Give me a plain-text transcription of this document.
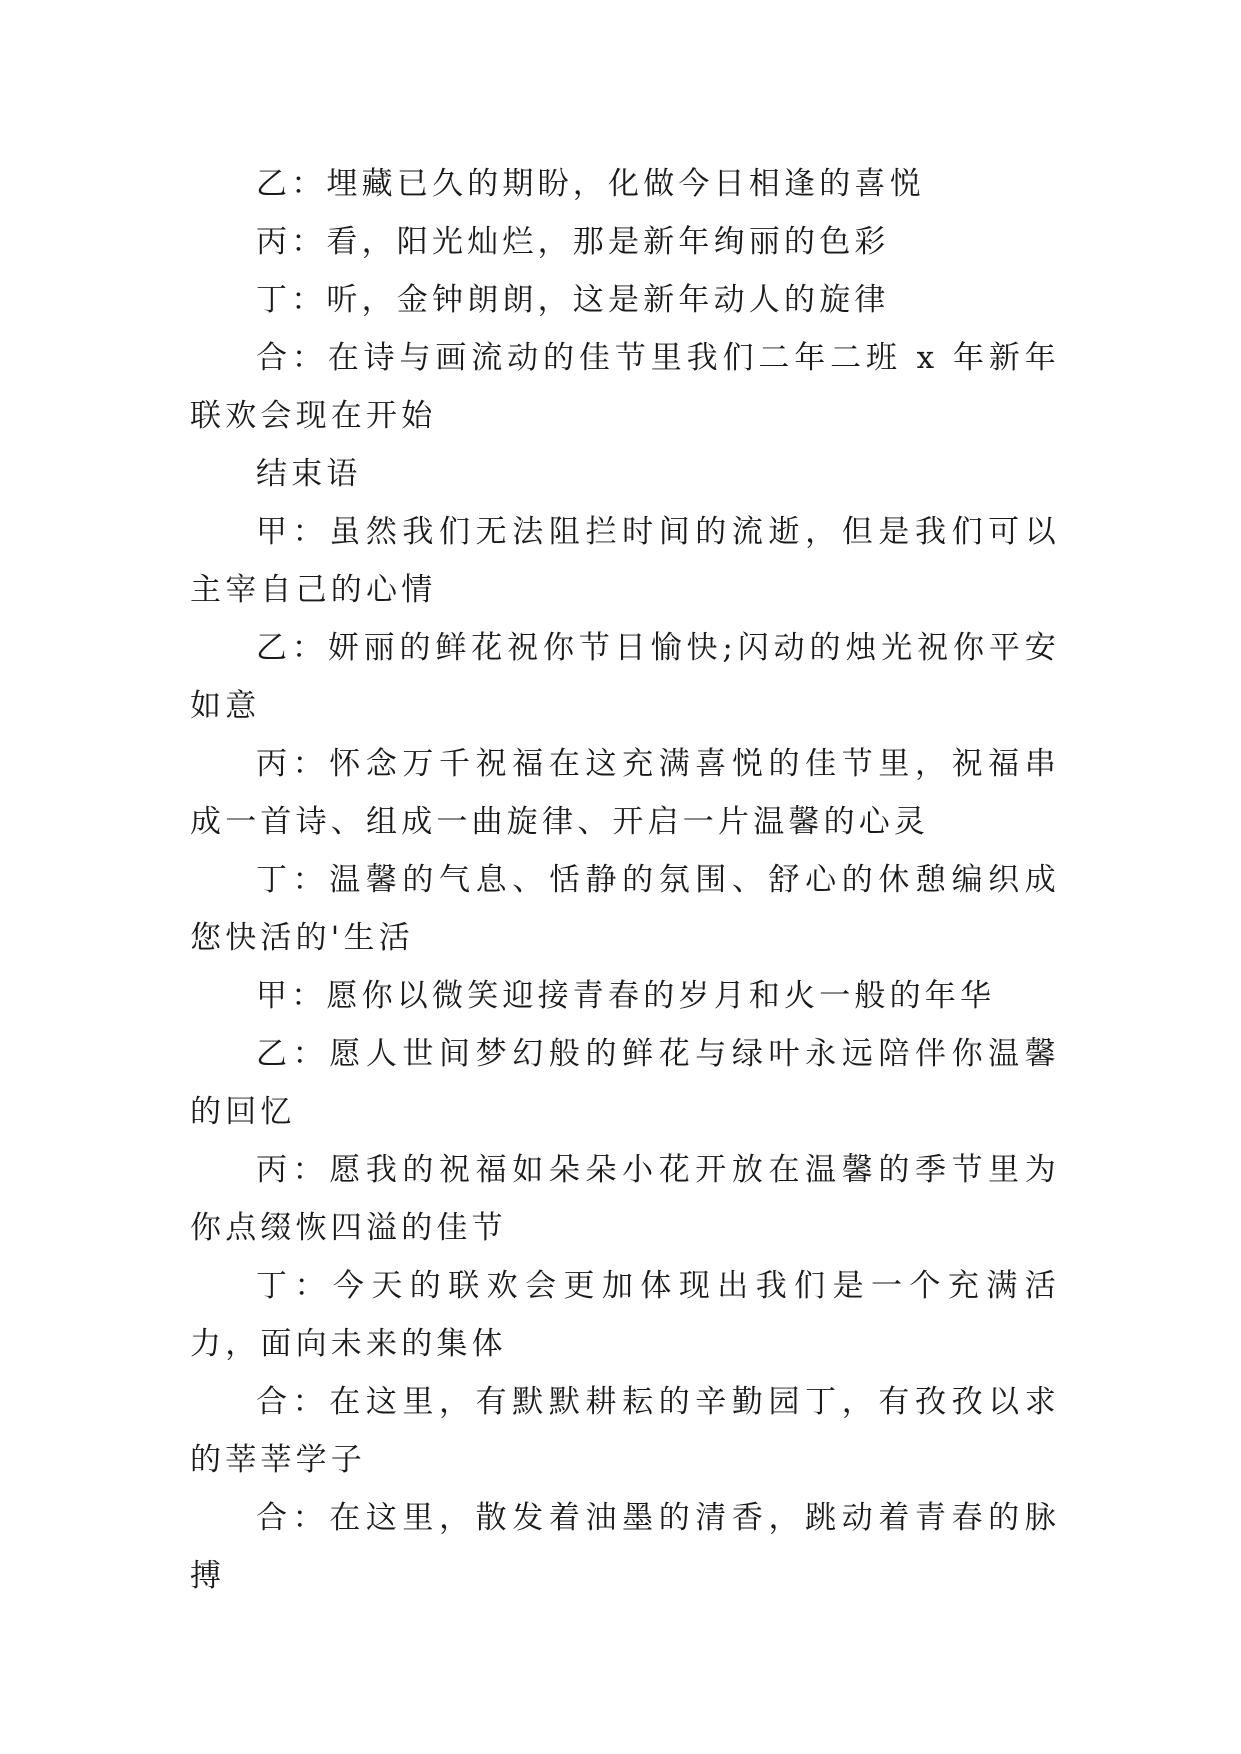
乙：埋藏已久的期盼，化做今日相逢的喜悦

丙：看，阳光灿烂，那是新年绚丽的色彩

丁：听，金钟朗朗，这是新年动人的旋律

合：在诗与画流动的佳节里我们二年二班 x 年新年联欢会现在开始

结束语

甲：虽然我们无法阻拦时间的流逝，但是我们可以主宰自己的心情

乙：妍丽的鲜花祝你节日愉快;闪动的烛光祝你平安如意

丙：怀念万千祝福在这充满喜悦的佳节里，祝福串成一首诗、组成一曲旋律、开启一片温馨的心灵

丁：温馨的气息、恬静的氛围、舒心的休憩编织成您快活的'生活

甲：愿你以微笑迎接青春的岁月和火一般的年华

乙：愿人世间梦幻般的鲜花与绿叶永远陪伴你温馨的回忆

丙：愿我的祝福如朵朵小花开放在温馨的季节里为你点缀恢四溢的佳节

丁：今天的联欢会更加体现出我们是一个充满活力，面向未来的集体

合：在这里，有默默耕耘的辛勤园丁，有孜孜以求的莘莘学子

合：在这里，散发着油墨的清香，跳动着青春的脉搏
